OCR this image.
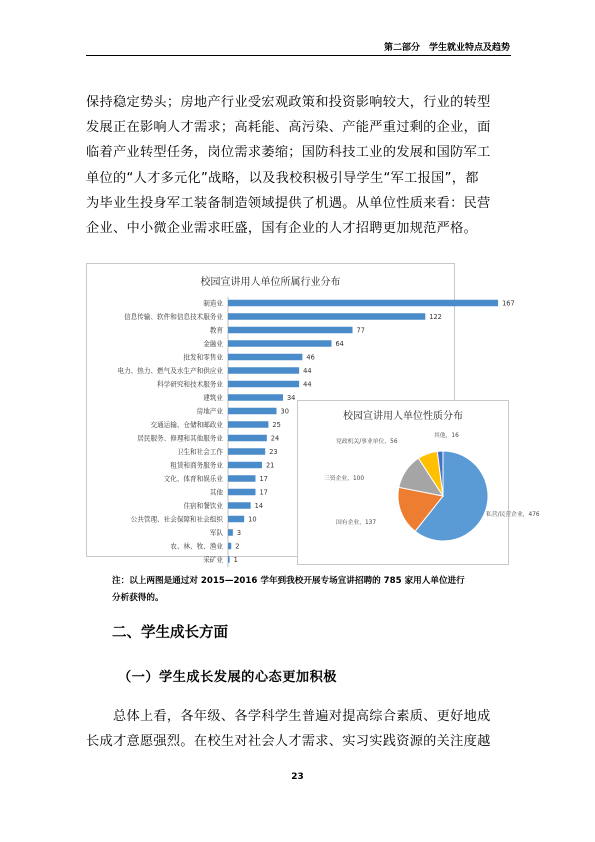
第二部分　学生就业特点及趋势
保持稳定势头；房地产行业受宏观政策和投资影响较大，行业的转型
发展正在影响人才需求；高耗能、高污染、产能严重过剩的企业，面
临着产业转型任务，岗位需求萎缩；国防科技工业的发展和国防军工
单位的“人才多元化”战略，以及我校积极引导学生“军工报国”，都
为毕业生投身军工装备制造领域提供了机遇。从单位性质来看：民营
企业、中小微企业需求旺盛，国有企业的人才招聘更加规范严格。
校园宣讲用人单位所属行业分布
制造业	167
信息传输、软件和信息技术服务业	122
教育	77
金融业	64
批发和零售业	46
电力、热力、燃气及水生产和供应业	44
科学研究和技术服务业	44
建筑业	34
房地产业	30
交通运输、仓储和邮政业	25
居民服务、修理和其他服务业	24
卫生和社会工作	23
租赁和商务服务业	21
文化、体育和娱乐业	17
其他	17
住宿和餐饮业	14
公共管理、社会保障和社会组织	10
军队 3
农、林、牧、渔业 2
采矿业 1
校园宣讲用人单位性质分布
私营/民营企业，476
国有企业，137
三资企业，100
党政机关/事业单位，56
其他，16
注：以上两图是通过对 2015—2016 学年到我校开展专场宣讲招聘的 785 家用人单位进行
分析获得的。
二、学生成长方面
（一）学生成长发展的心态更加积极
　　总体上看，各年级、各学科学生普遍对提高综合素质、更好地成
长成才意愿强烈。在校生对社会人才需求、实习实践资源的关注度越
23
